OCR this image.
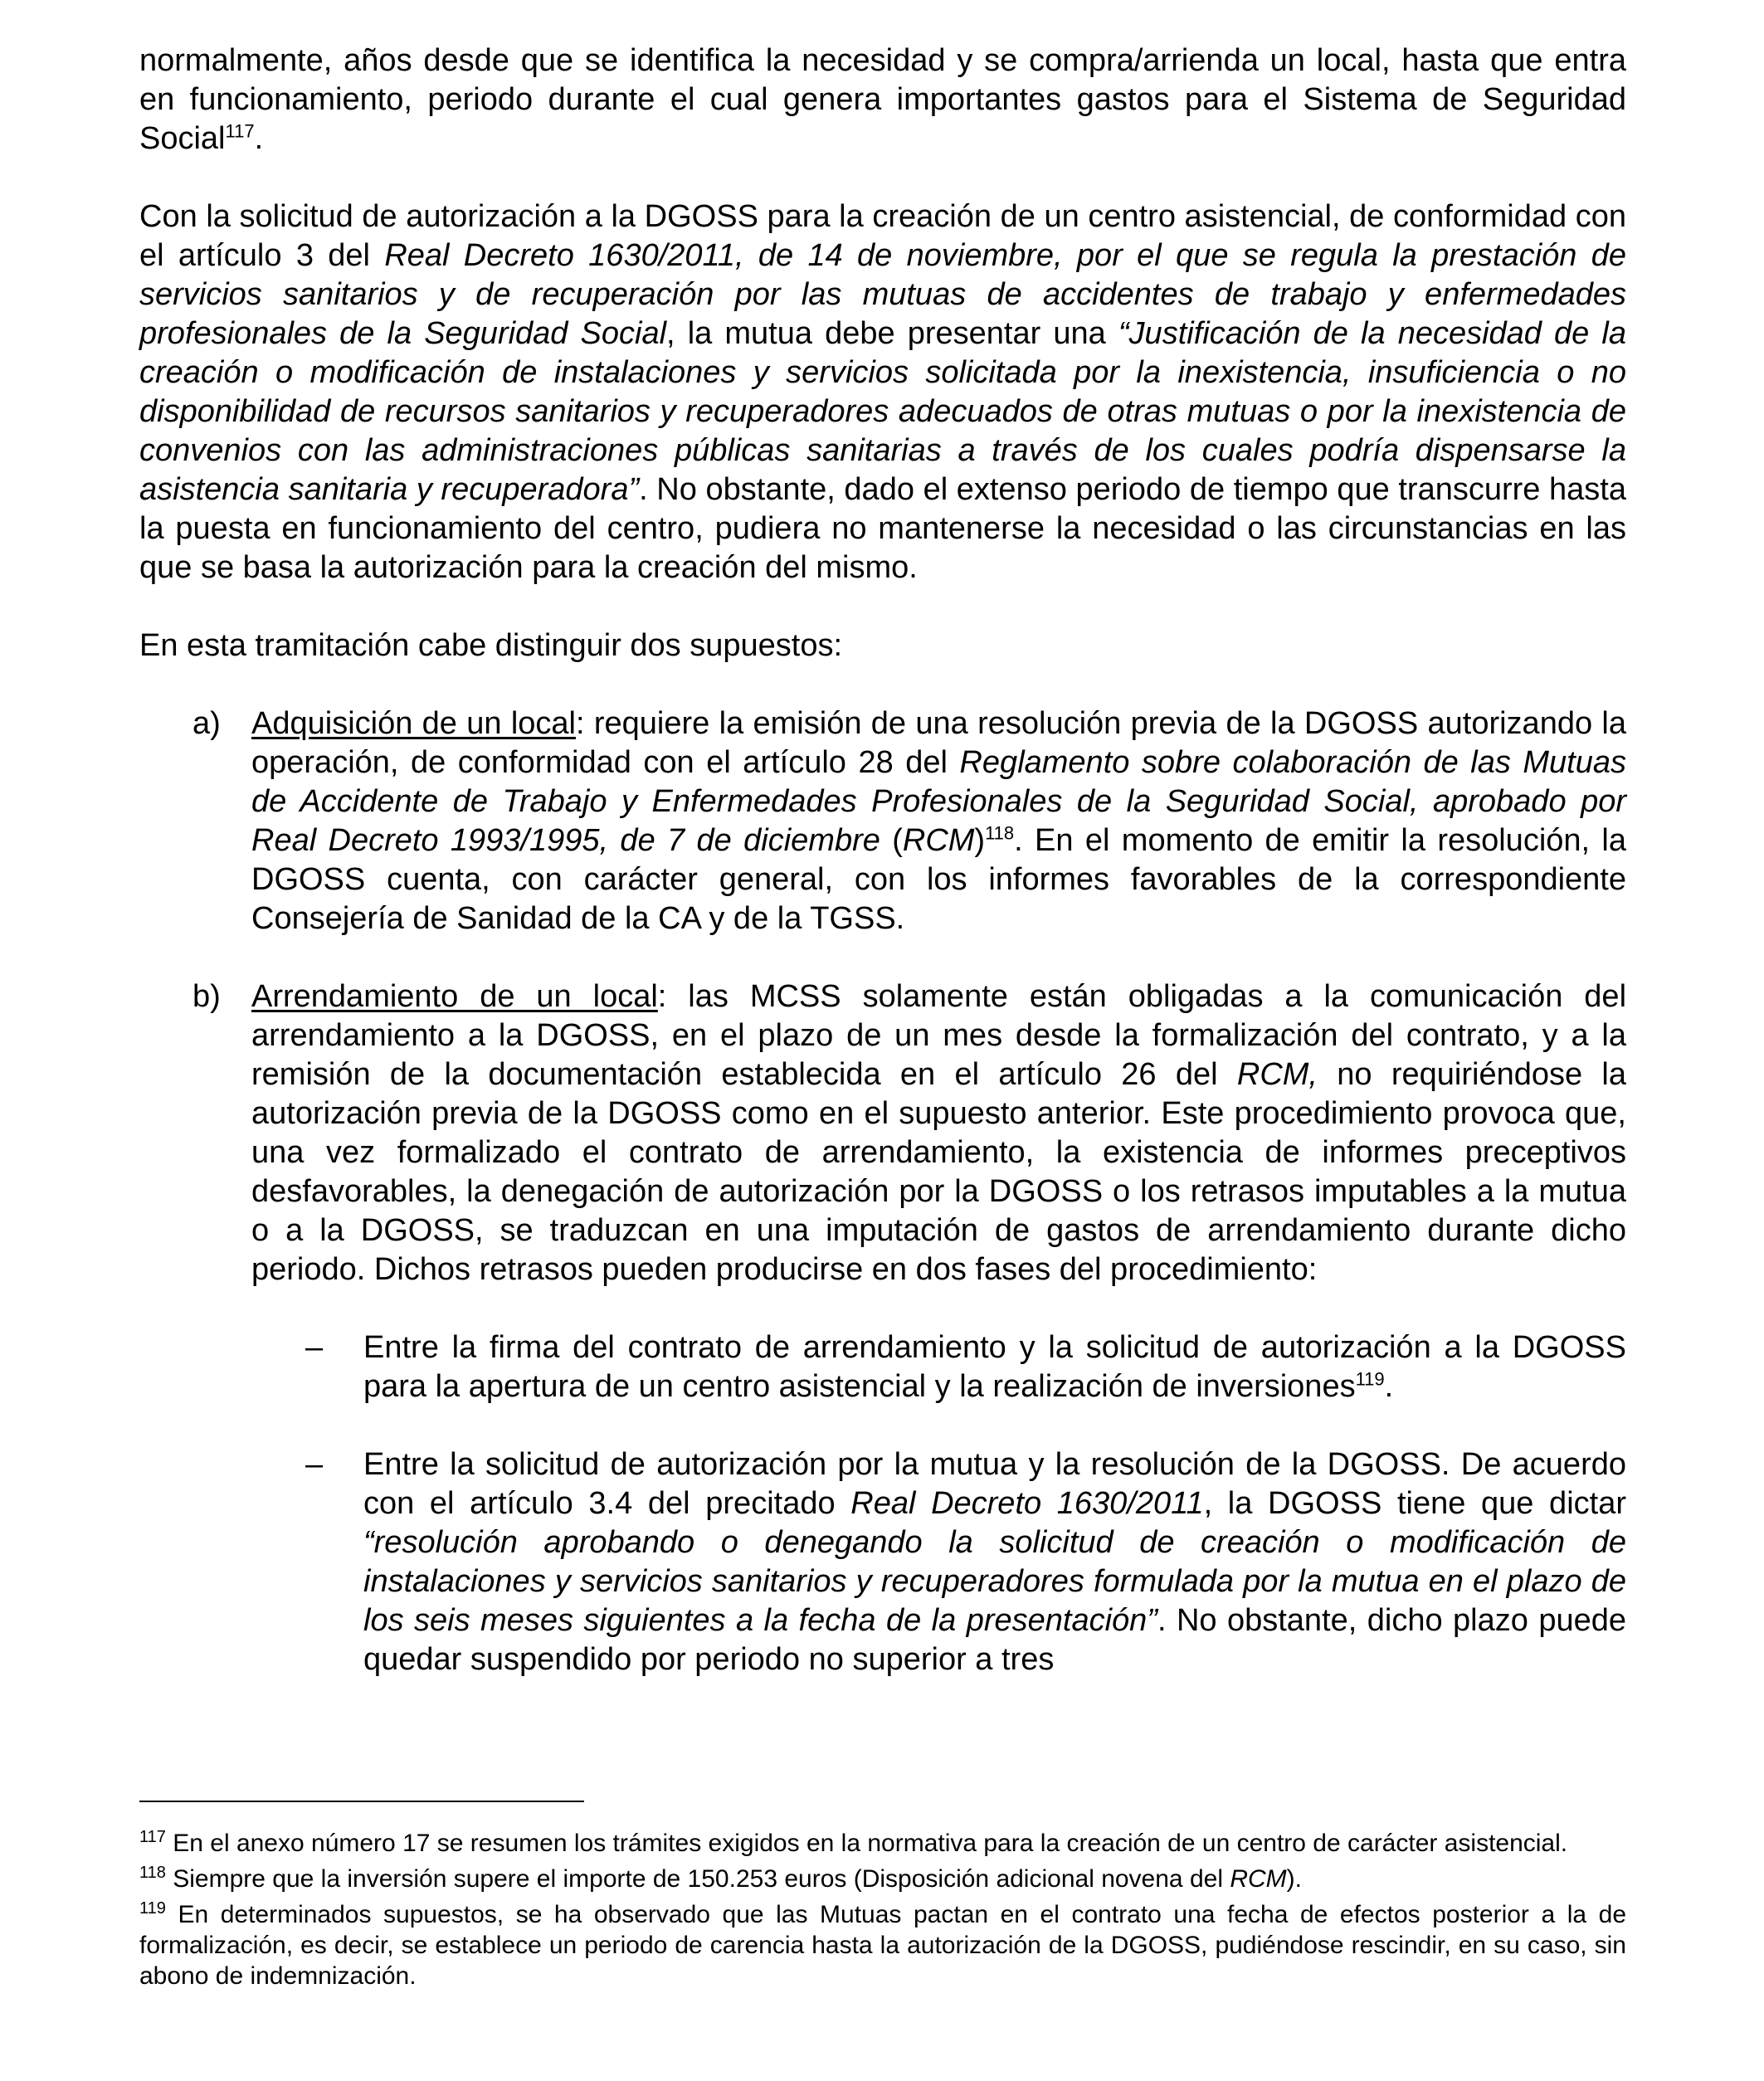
normalmente, años desde que se identifica la necesidad y se compra/arrienda un local, hasta que entra en funcionamiento, periodo durante el cual genera importantes gastos para el Sistema de Seguridad Social$^{117}$.

Con la solicitud de autorización a la DGOSS para la creación de un centro asistencial, de conformidad con el artículo 3 del Real Decreto 1630/2011, de 14 de noviembre, por el que se regula la prestación de servicios sanitarios y de recuperación por las mutuas de accidentes de trabajo y enfermedades profesionales de la Seguridad Social, la mutua debe presentar una “Justificación de la necesidad de la creación o modificación de instalaciones y servicios solicitada por la inexistencia, insuficiencia o no disponibilidad de recursos sanitarios y recuperadores adecuados de otras mutuas o por la inexistencia de convenios con las administraciones públicas sanitarias a través de los cuales podría dispensarse la asistencia sanitaria y recuperadora”. No obstante, dado el extenso periodo de tiempo que transcurre hasta la puesta en funcionamiento del centro, pudiera no mantenerse la necesidad o las circunstancias en las que se basa la autorización para la creación del mismo.

En esta tramitación cabe distinguir dos supuestos:

a) Adquisición de un local: requiere la emisión de una resolución previa de la DGOSS autorizando la operación, de conformidad con el artículo 28 del Reglamento sobre colaboración de las Mutuas de Accidente de Trabajo y Enfermedades Profesionales de la Seguridad Social, aprobado por Real Decreto 1993/1995, de 7 de diciembre (RCM)$^{118}$. En el momento de emitir la resolución, la DGOSS cuenta, con carácter general, con los informes favorables de la correspondiente Consejería de Sanidad de la CA y de la TGSS.

b) Arrendamiento de un local: las MCSS solamente están obligadas a la comunicación del arrendamiento a la DGOSS, en el plazo de un mes desde la formalización del contrato, y a la remisión de la documentación establecida en el artículo 26 del RCM, no requiriéndose la autorización previa de la DGOSS como en el supuesto anterior. Este procedimiento provoca que, una vez formalizado el contrato de arrendamiento, la existencia de informes preceptivos desfavorables, la denegación de autorización por la DGOSS o los retrasos imputables a la mutua o a la DGOSS, se traduzcan en una imputación de gastos de arrendamiento durante dicho periodo. Dichos retrasos pueden producirse en dos fases del procedimiento:

– Entre la firma del contrato de arrendamiento y la solicitud de autorización a la DGOSS para la apertura de un centro asistencial y la realización de inversiones$^{119}$.

– Entre la solicitud de autorización por la mutua y la resolución de la DGOSS. De acuerdo con el artículo 3.4 del precitado Real Decreto 1630/2011, la DGOSS tiene que dictar “resolución aprobando o denegando la solicitud de creación o modificación de instalaciones y servicios sanitarios y recuperadores formulada por la mutua en el plazo de los seis meses siguientes a la fecha de la presentación”. No obstante, dicho plazo puede quedar suspendido por periodo no superior a tres

$^{117}$ En el anexo número 17 se resumen los trámites exigidos en la normativa para la creación de un centro de carácter asistencial.

$^{118}$ Siempre que la inversión supere el importe de 150.253 euros (Disposición adicional novena del RCM).

$^{119}$ En determinados supuestos, se ha observado que las Mutuas pactan en el contrato una fecha de efectos posterior a la de formalización, es decir, se establece un periodo de carencia hasta la autorización de la DGOSS, pudiéndose rescindir, en su caso, sin abono de indemnización.
